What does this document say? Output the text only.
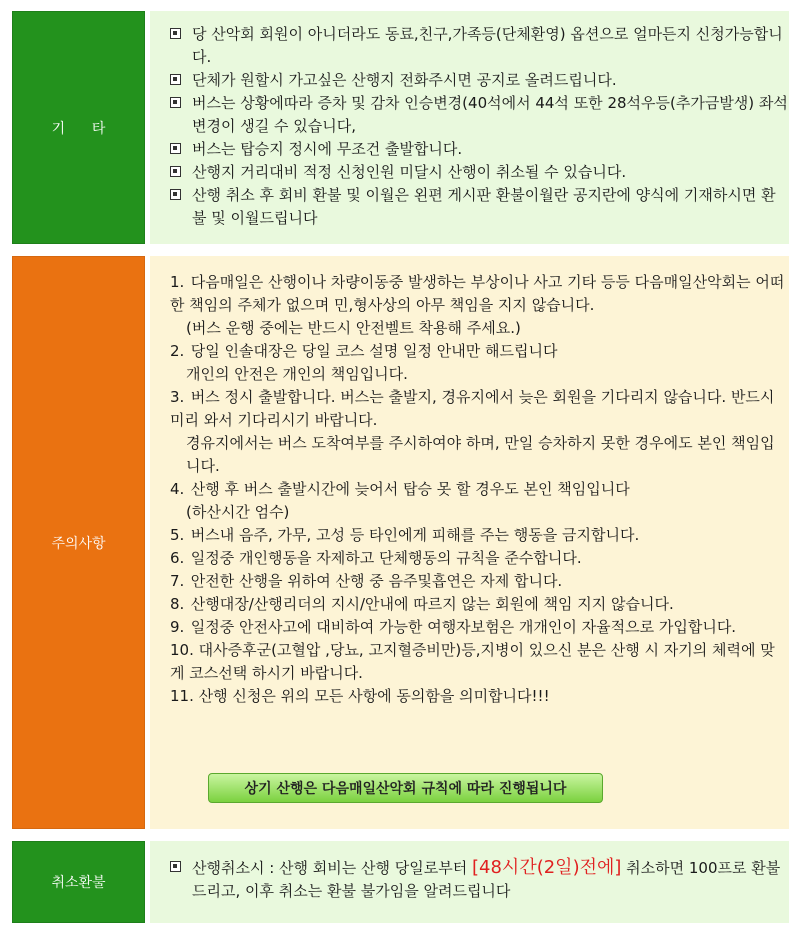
기      타
당 산악회 회원이 아니더라도 동료,친구,가족등(단체환영) 옵션으로 얼마든지 신청가능합니다.
단체가 원할시 가고싶은 산행지 전화주시면 공지로 올려드립니다.
버스는 상황에따라 증차 및 감차 인승변경(40석에서 44석 또한 28석우등(추가금발생) 좌석 변경이 생길 수 있습니다,
버스는 탑승지 정시에 무조건 출발합니다.
산행지 거리대비 적정 신청인원 미달시 산행이 취소될 수 있습니다.
산행 취소 후 회비 환불 및 이월은 왼편 게시판 환불이월란 공지란에 양식에 기재하시면 환불 및 이월드립니다
주의사항
1. 다음매일은 산행이나 차량이동중 발생하는 부상이나 사고 기타 등등 다음매일산악회는 어떠한 책임의 주체가 없으며 민,형사상의 아무 책임을 지지 않습니다.
(버스 운행 중에는 반드시 안전벨트 착용해 주세요.)
2. 당일 인솔대장은 당일 코스 설명 일정 안내만 해드립니다
개인의 안전은 개인의 책임입니다.
3. 버스 정시 출발합니다. 버스는 출발지, 경유지에서 늦은 회원을 기다리지 않습니다. 반드시 미리 와서 기다리시기 바랍니다.
경유지에서는 버스 도착여부를 주시하여야 하며, 만일 승차하지 못한 경우에도 본인 책임입니다.
4. 산행 후 버스 출발시간에 늦어서 탑승 못 할 경우도 본인 책임입니다
(하산시간 엄수)
5. 버스내 음주, 가무, 고성 등 타인에게 피해를 주는 행동을 금지합니다.
6. 일정중 개인행동을 자제하고 단체행동의 규칙을 준수합니다.
7. 안전한 산행을 위하여 산행 중 음주및흡연은 자제 합니다.
8. 산행대장/산행리더의 지시/안내에 따르지 않는 회원에 책임 지지 않습니다.
9. 일정중 안전사고에 대비하여 가능한 여행자보험은 개개인이 자율적으로 가입합니다.
10. 대사증후군(고혈압 ,당뇨, 고지혈증비만)등,지병이 있으신 분은 산행 시 자기의 체력에 맞게 코스선택 하시기 바랍니다.
11. 산행 신청은 위의 모든 사항에 동의함을 의미합니다!!!
상기 산행은 다음매일산악회 규칙에 따라 진행됩니다
취소환불
산행취소시 : 산행 회비는 산행 당일로부터 [48시간(2일)전에] 취소하면 100프로 환불드리고, 이후 취소는 환불 불가임을 알려드립니다
